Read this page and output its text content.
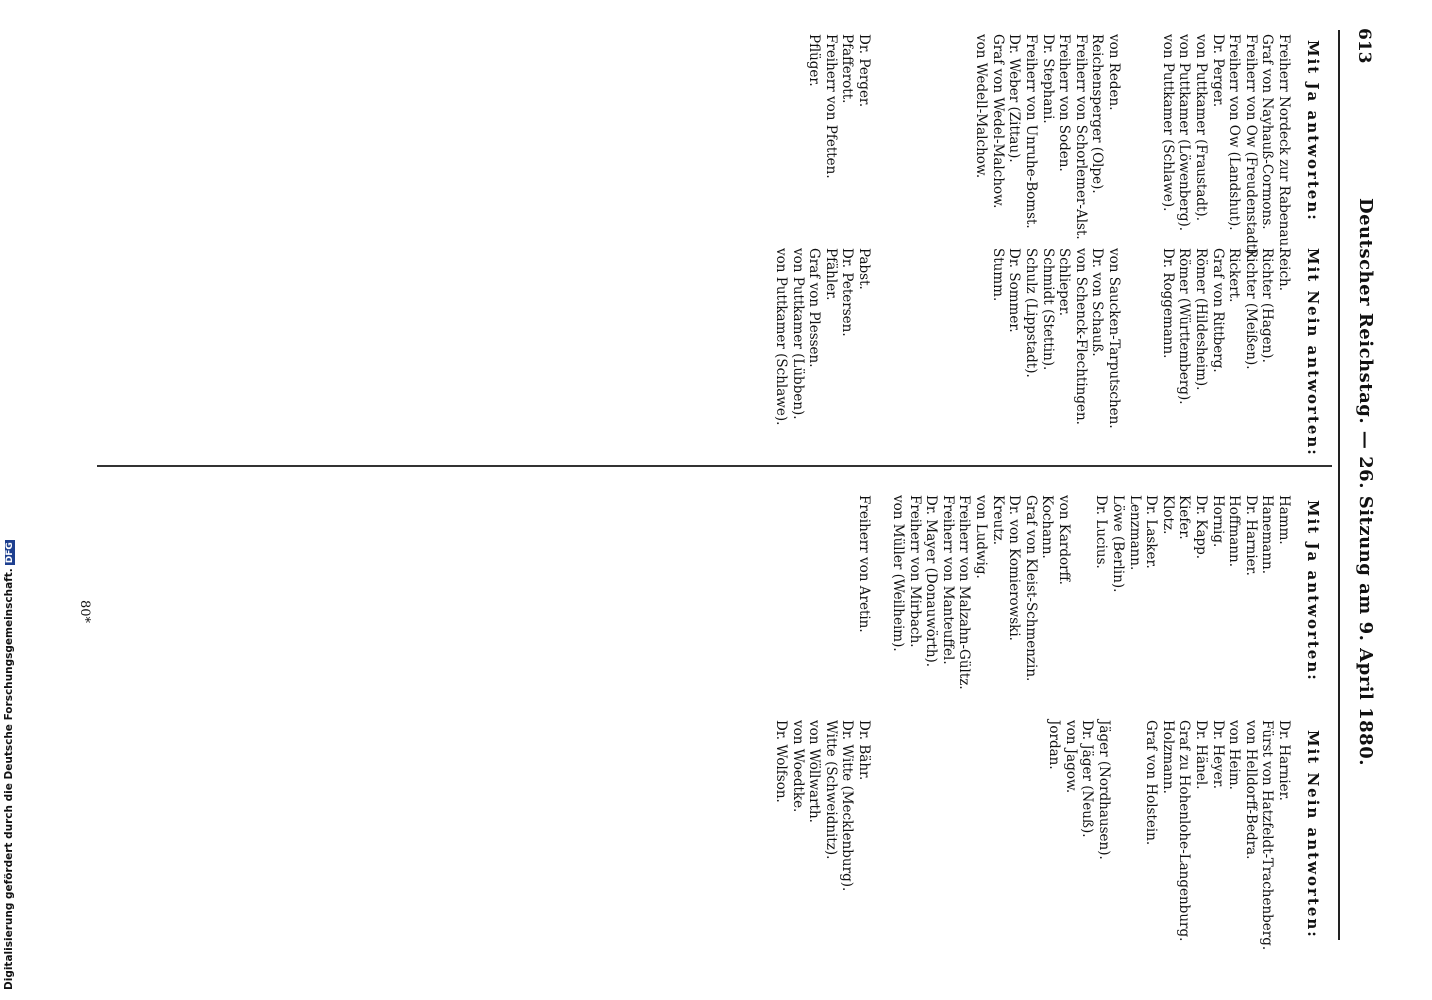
613
Deutscher Reichstag. — 26. Sitzung am 9. April 1880.
Mit Ja antworten:
Freiherr Nordeck zur Rabenau.
Graf von Nayhauß-Cormons.
Freiherr von Ow (Freudenstadt).
Freiherr von Ow (Landshut).
Dr. Perger.
von Puttkamer (Fraustadt).
von Puttkamer (Löwenberg).
von Puttkamer (Schlawe).
von Reden.
Reichensperger (Olpe).
Freiherr von Schorlemer-Alst.
Freiherr von Soden.
Dr. Stephani.
Freiherr von Unruhe-Bomst.
Dr. Weber (Zittau).
Graf von Wedel-Malchow.
von Wedell-Malchow.
Mit Nein antworten:
Reich.
Richter (Hagen).
Richter (Meißen).
Rickert.
Graf von Rittberg.
Römer (Hildesheim).
Römer (Württemberg).
Dr. Roggemann.
von Saucken-Tarputschen.
Dr. von Schauß.
von Schenck-Flechtingen.
Schlieper.
Schmidt (Stettin).
Schulz (Lippstadt).
Dr. Sommer.
Stumm.
Mit Ja antworten:
Hamm.
Hanemann.
Dr. Harnier.
Hoffmann.
Hornig.
Dr. Kapp.
Kiefer.
Klotz.
Dr. Lasker.
Lenzmann.
Löwe (Berlin).
Dr. Lucius.
von Kardorff.
Kochann.
Graf von Kleist-Schmenzin.
Dr. von Komierowski.
Kreutz.
von Ludwig.
Freiherr von Malzahn-Gültz.
Freiherr von Manteuffel.
Dr. Mayer (Donauwörth).
Freiherr von Mirbach.
von Müller (Weilheim).
Mit Nein antworten:
Dr. Harnier.
Fürst von Hatzfeldt-Trachenberg.
von Helldorff-Bedra.
von Heim.
Dr. Heyer.
Dr. Hänel.
Graf zu Hohenlohe-Langenburg.
Holzmann.
Graf von Holstein.
Jäger (Nordhausen).
Dr. Jäger (Neuß).
von Jagow.
Jordan.
Dr. Perger.
Pfafferott.
Freiherr von Pfetten.
Pflüger.
Pabst.
Dr. Petersen.
Pfähler.
Graf von Plessen.
von Puttkamer (Lübben).
von Puttkamer (Schlawe).
Freiherr von Aretin.
Dr. Bähr.
Dr. Witte (Mecklenburg).
Witte (Schweidnitz).
von Wöllwarth.
von Woedtke.
Dr. Wolfson.
80*
Digitalisierung gefördert durch die Deutsche Forschungsgemeinschaft.DFG
